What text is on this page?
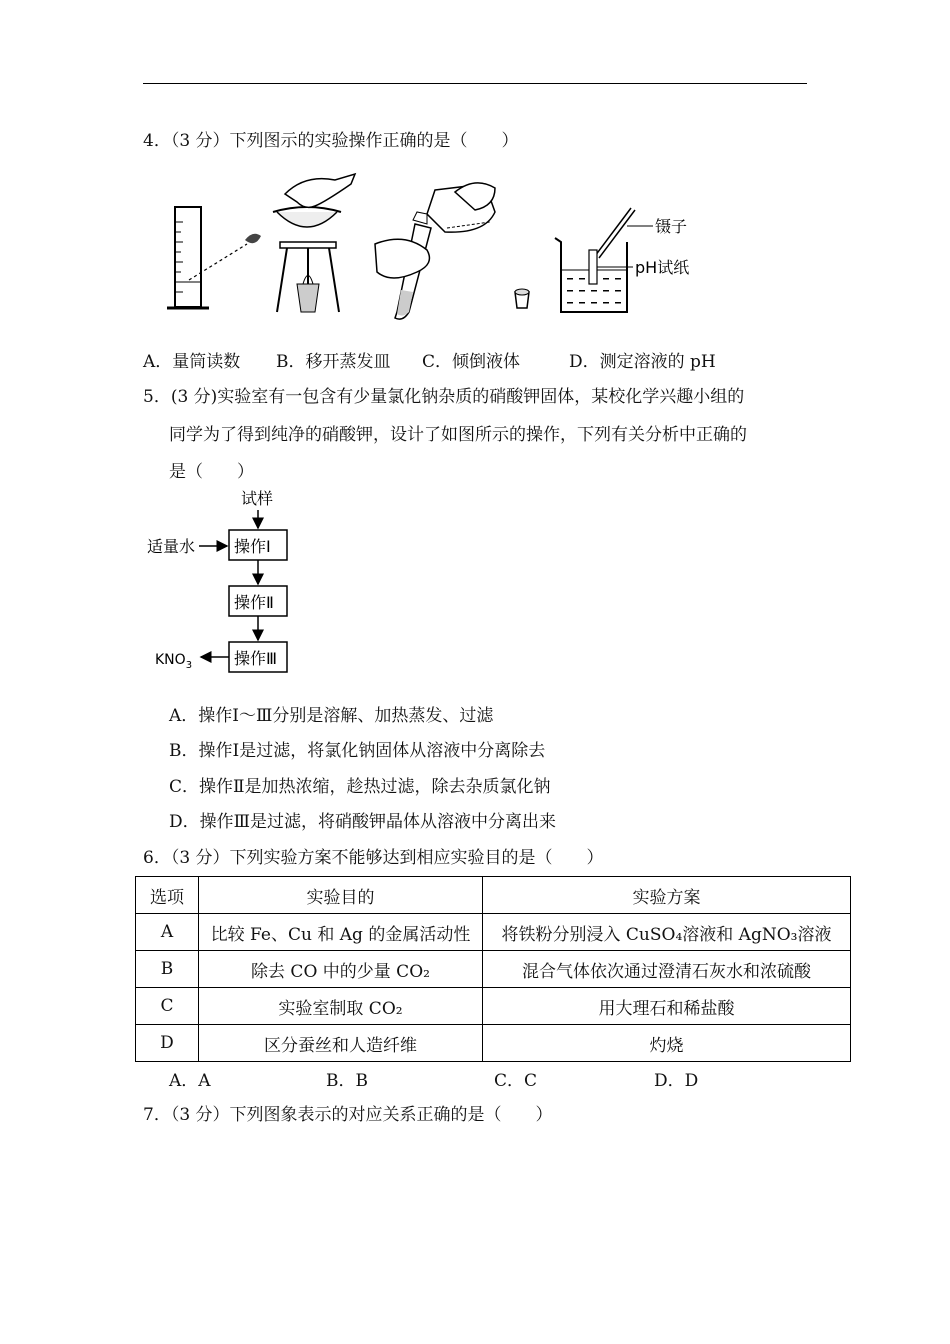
4．（3 分）下列图示的实验操作正确的是（　　）
镊子
pH试纸
A．量筒读数 B．移开蒸发皿 C．倾倒液体	D．测定溶液的 pH
5．(3 分)实验室有一包含有少量氯化钠杂质的硝酸钾固体，某校化学兴趣小组的
同学为了得到纯净的硝酸钾，设计了如图所示的操作，下列有关分析中正确的
是（　　）
试样
适量水 操作Ⅰ
操作Ⅱ
操作Ⅲ
$KNO_3$
A．操作Ⅰ～Ⅲ分别是溶解、加热蒸发、过滤
B．操作Ⅰ是过滤，将氯化钠固体从溶液中分离除去
C．操作Ⅱ是加热浓缩，趁热过滤，除去杂质氯化钠
D．操作Ⅲ是过滤，将硝酸钾晶体从溶液中分离出来
6．（3 分）下列实验方案不能够达到相应实验目的是（　　）
选项	实验目的	实验方案
A	比较 Fe、Cu 和 Ag 的金属活动性	将铁粉分别浸入 CuSO₄溶液和 AgNO₃溶液
B	除去 CO 中的少量 CO₂	混合气体依次通过澄清石灰水和浓硫酸
C	实验室制取 CO₂	用大理石和稀盐酸
D	区分蚕丝和人造纤维	灼烧
A．A	B．B	C．C	D．D
7．（3 分）下列图象表示的对应关系正确的是（　　）
